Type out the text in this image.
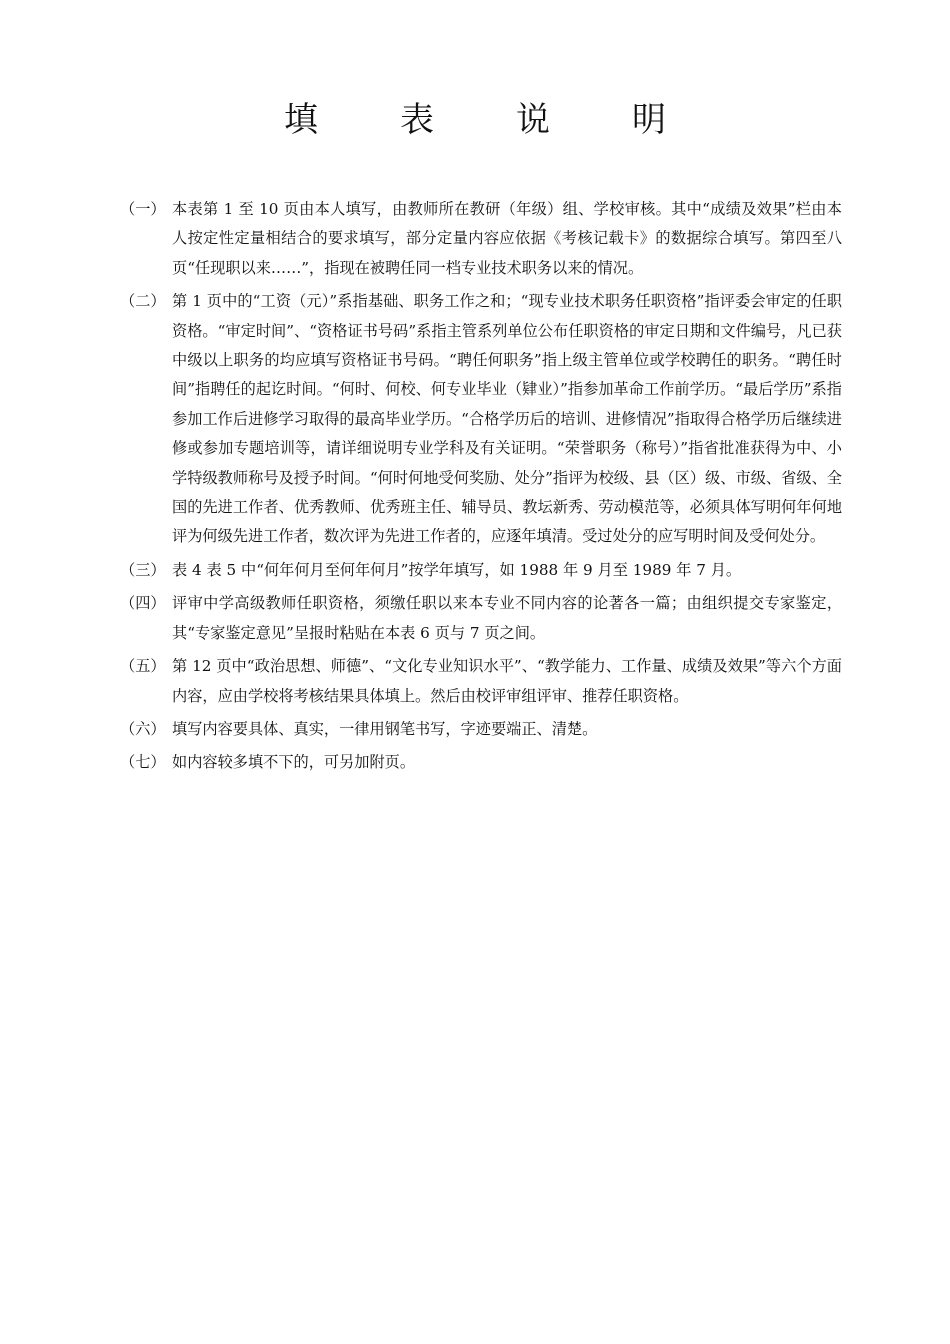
填　表　说　明
（一） 本表第 1 至 10 页由本人填写，由教师所在教研（年级）组、学校审核。其中“成绩及效果”栏由本人按定性定量相结合的要求填写，部分定量内容应依据《考核记载卡》的数据综合填写。第四至八页“任现职以来……”，指现在被聘任同一档专业技术职务以来的情况。
（二） 第 1 页中的“工资（元）”系指基础、职务工作之和；“现专业技术职务任职资格”指评委会审定的任职资格。“审定时间”、“资格证书号码”系指主管系列单位公布任职资格的审定日期和文件编号，凡已获中级以上职务的均应填写资格证书号码。“聘任何职务”指上级主管单位或学校聘任的职务。“聘任时间”指聘任的起讫时间。“何时、何校、何专业毕业（肄业）”指参加革命工作前学历。“最后学历”系指参加工作后进修学习取得的最高毕业学历。“合格学历后的培训、进修情况”指取得合格学历后继续进修或参加专题培训等，请详细说明专业学科及有关证明。“荣誉职务（称号）”指省批准获得为中、小学特级教师称号及授予时间。“何时何地受何奖励、处分”指评为校级、县（区）级、市级、省级、全国的先进工作者、优秀教师、优秀班主任、辅导员、教坛新秀、劳动模范等，必须具体写明何年何地评为何级先进工作者，数次评为先进工作者的，应逐年填清。受过处分的应写明时间及受何处分。
（三） 表 4 表 5 中“何年何月至何年何月”按学年填写，如 1988 年 9 月至 1989 年 7 月。
（四） 评审中学高级教师任职资格，须缴任职以来本专业不同内容的论著各一篇；由组织提交专家鉴定，其“专家鉴定意见”呈报时粘贴在本表 6 页与 7 页之间。
（五） 第 12 页中“政治思想、师德”、“文化专业知识水平”、“教学能力、工作量、成绩及效果”等六个方面内容，应由学校将考核结果具体填上。然后由校评审组评审、推荐任职资格。
（六） 填写内容要具体、真实，一律用钢笔书写，字迹要端正、清楚。
（七） 如内容较多填不下的，可另加附页。
